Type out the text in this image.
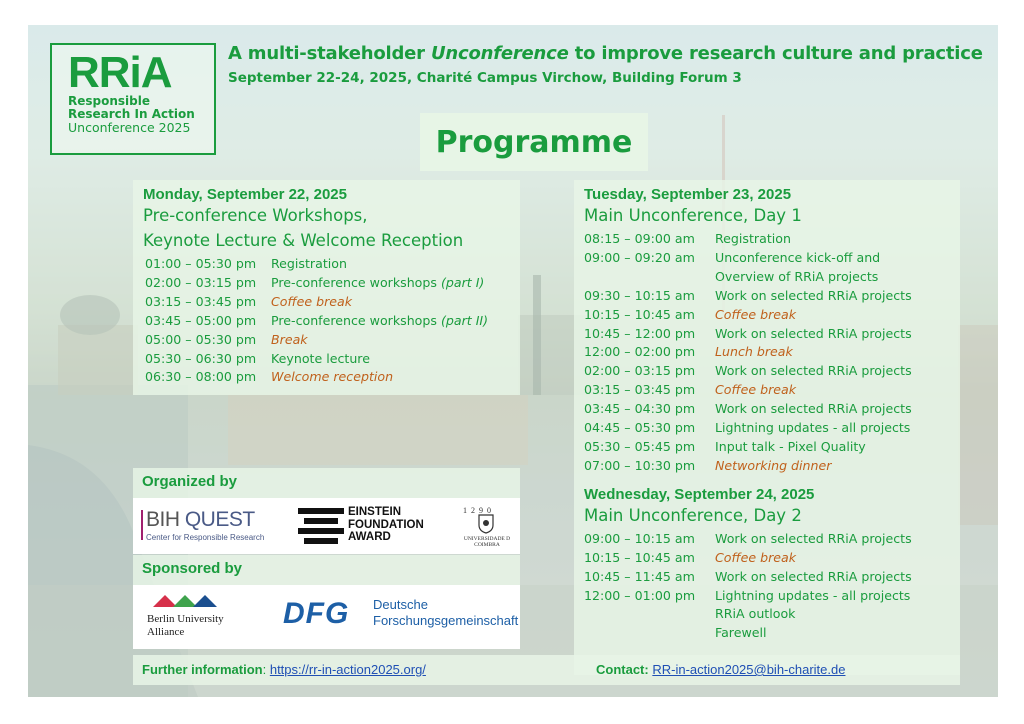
RRiA
Responsible
Research In Action
Unconference 2025
A multi-stakeholder Unconference to improve research culture and practice
September 22-24, 2025, Charité Campus Virchow, Building Forum 3
Programme
Monday, September 22, 2025
Pre-conference Workshops,
Keynote Lecture & Welcome Reception
01:00 – 05:30 pm	Registration
02:00 – 03:15 pm	Pre-conference workshops (part I)
03:15 – 03:45 pm	Coffee break
03:45 – 05:00 pm	Pre-conference workshops (part II)
05:00 – 05:30 pm	Break
05:30 – 06:30 pm	Keynote lecture
06:30 – 08:00 pm	Welcome reception
Organized by
BIH QUEST
Center for Responsible Research
EINSTEIN
FOUNDATION
AWARD
1 2 9 0
UNIVERSIDADE D
COIMBRA
Sponsored by
Berlin University
Alliance
DFG Deutsche
Forschungsgemeinschaft
Tuesday, September 23, 2025
Main Unconference, Day 1
08:15 – 09:00 am	Registration
09:00 – 09:20 am	Unconference kick-off and
Overview of RRiA projects
09:30 – 10:15 am	Work on selected RRiA projects
10:15 – 10:45 am	Coffee break
10:45 – 12:00 pm	Work on selected RRiA projects
12:00 – 02:00 pm	Lunch break
02:00 – 03:15 pm	Work on selected RRiA projects
03:15 – 03:45 pm	Coffee break
03:45 – 04:30 pm	Work on selected RRiA projects
04:45 – 05:30 pm	Lightning updates - all projects
05:30 – 05:45 pm	Input talk - Pixel Quality
07:00 – 10:30 pm	Networking dinner
Wednesday, September 24, 2025
Main Unconference, Day 2
09:00 – 10:15 am	Work on selected RRiA projects
10:15 – 10:45 am	Coffee break
10:45 – 11:45 am	Work on selected RRiA projects
12:00 – 01:00 pm	Lightning updates - all projects
RRiA outlook
Farewell
Further information: https://rr-in-action2025.org/	Contact: RR-in-action2025@bih-charite.de
